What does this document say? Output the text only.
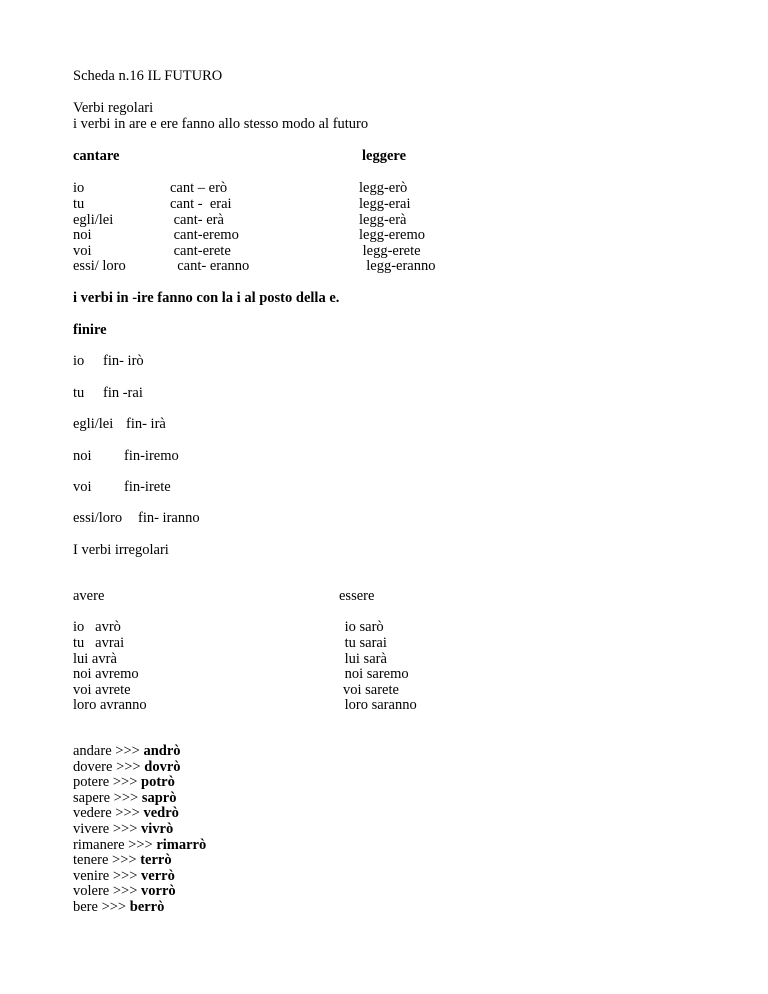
Scheda n.16 IL FUTURO
Verbi regolari
i verbi in are e ere fanno allo stesso modo al futuro
cantare	leggere
io
tu
egli/lei
noi
voi
essi/ loro
cant – erò
cant -  erai
cant- erà
cant-eremo
cant-erete
cant- eranno
legg-erò
legg-erai
legg-erà
legg-eremo
legg-erete
legg-eranno
i verbi in -ire fanno con la i al posto della e.
finire
io fin- irò
tu fin -rai
egli/lei fin- irà
noi fin-iremo
voi fin-irete
essi/loro fin- iranno
I verbi irregolari
avere	essere
io   avrò
tu   avrai
lui avrà
noi avremo
voi avrete
loro avranno
io sarò
tu sarai
lui sarà
noi saremo
voi sarete
loro saranno
andare >>> andrò
dovere >>> dovrò
potere >>> potrò
sapere >>> saprò
vedere >>> vedrò
vivere >>> vivrò
rimanere >>> rimarrò
tenere >>> terrò
venire >>> verrò
volere >>> vorrò
bere >>> berrò
